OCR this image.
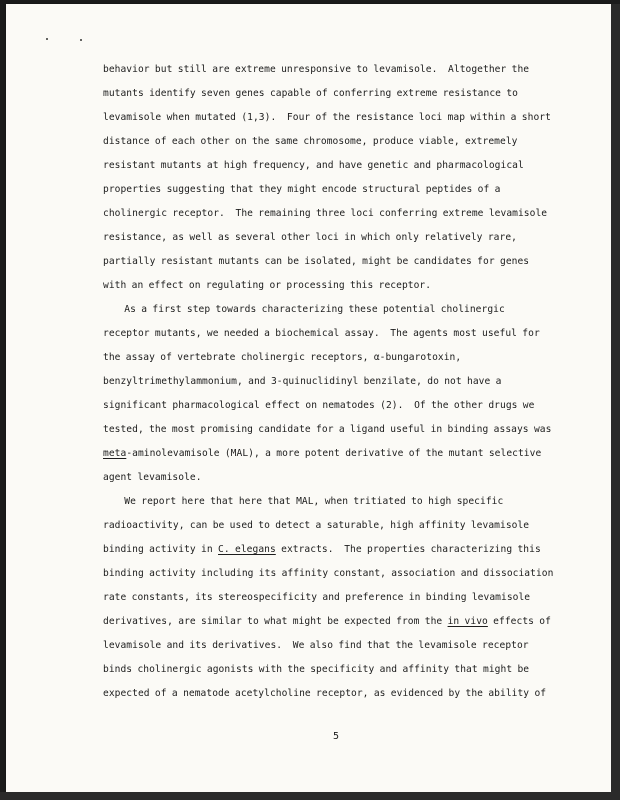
behavior but still are extreme unresponsive to levamisole.  Altogether the
mutants identify seven genes capable of conferring extreme resistance to
levamisole when mutated (1,3).  Four of the resistance loci map within a short
distance of each other on the same chromosome, produce viable, extremely
resistant mutants at high frequency, and have genetic and pharmacological
properties suggesting that they might encode structural peptides of a
cholinergic receptor.  The remaining three loci conferring extreme levamisole
resistance, as well as several other loci in which only relatively rare,
partially resistant mutants can be isolated, might be candidates for genes
with an effect on regulating or processing this receptor.
As a first step towards characterizing these potential cholinergic
receptor mutants, we needed a biochemical assay.  The agents most useful for
the assay of vertebrate cholinergic receptors, α-bungarotoxin,
benzyltrimethylammonium, and 3-quinuclidinyl benzilate, do not have a
significant pharmacological effect on nematodes (2).  Of the other drugs we
tested, the most promising candidate for a ligand useful in binding assays was
meta-aminolevamisole (MAL), a more potent derivative of the mutant selective
agent levamisole.
We report here that here that MAL, when tritiated to high specific
radioactivity, can be used to detect a saturable, high affinity levamisole
binding activity in C. elegans extracts.  The properties characterizing this
binding activity including its affinity constant, association and dissociation
rate constants, its stereospecificity and preference in binding levamisole
derivatives, are similar to what might be expected from the in vivo effects of
levamisole and its derivatives.  We also find that the levamisole receptor
binds cholinergic agonists with the specificity and affinity that might be
expected of a nematode acetylcholine receptor, as evidenced by the ability of
5
